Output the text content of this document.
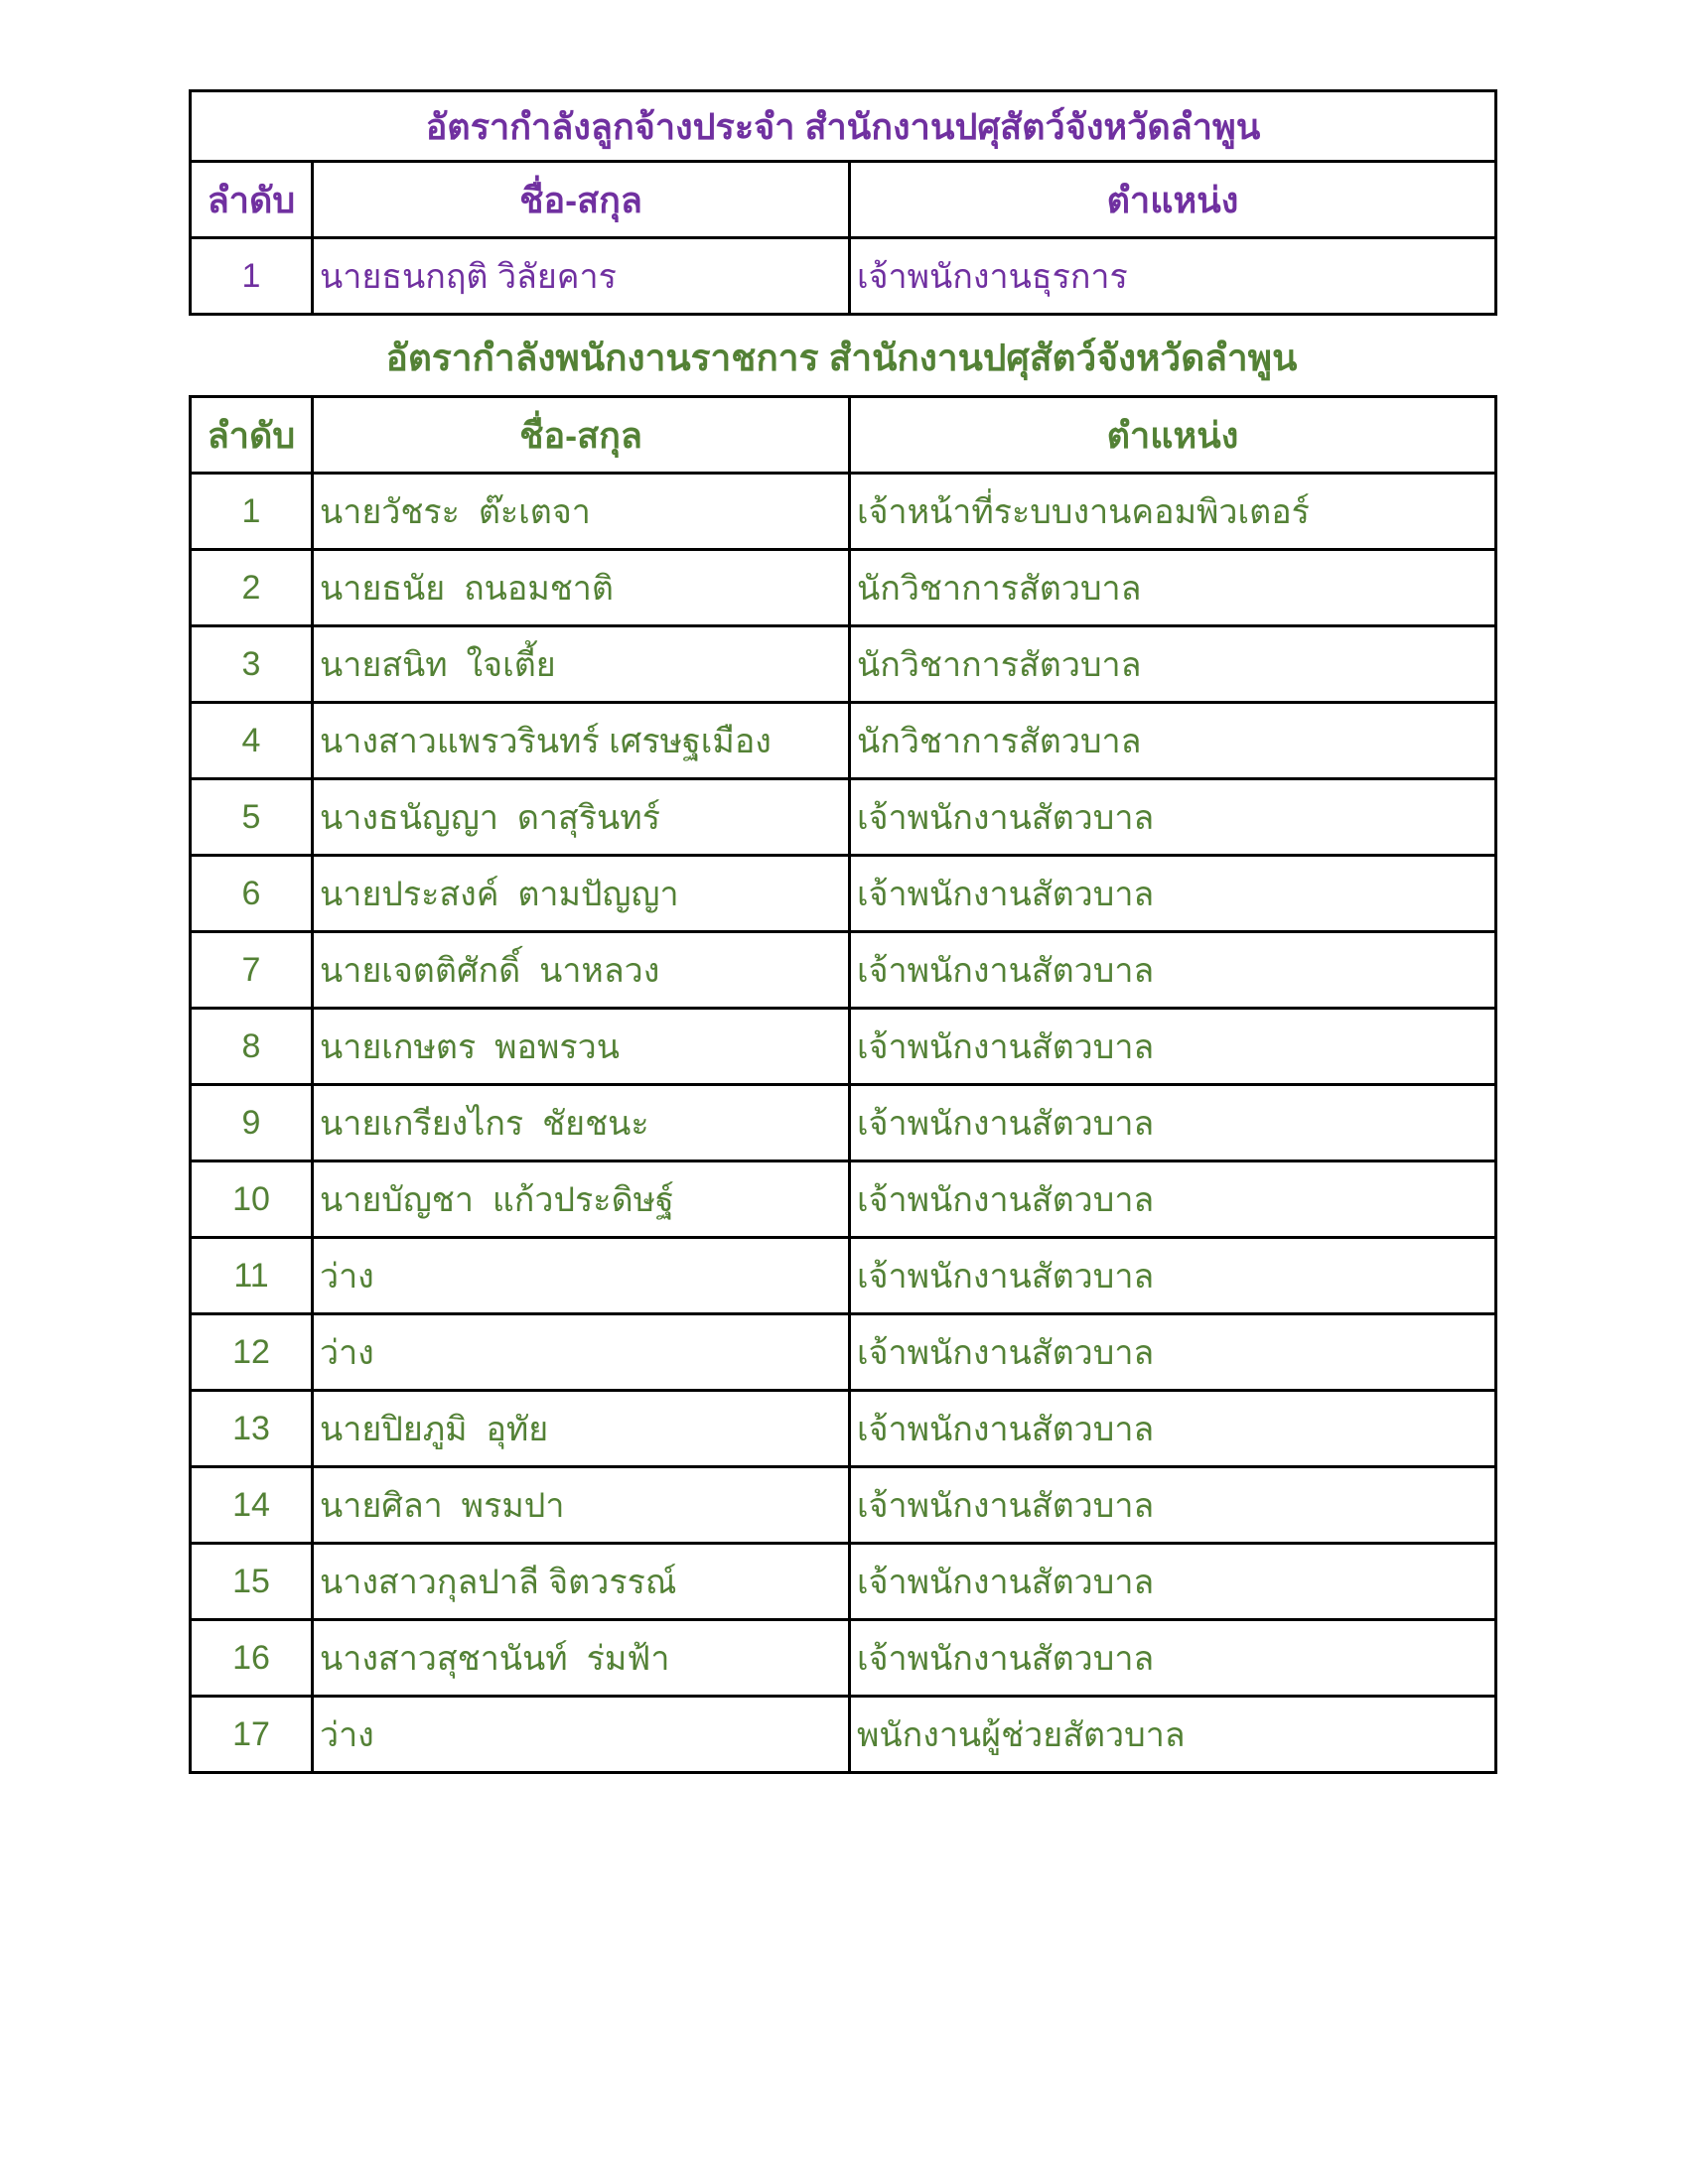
อัตรากำลังลูกจ้างประจำ สำนักงานปศุสัตว์จังหวัดลำพูน		
ลำดับ	ชื่อ-สกุล	ตำแหน่ง
1	นายธนกฤติ วิลัยคาร	เจ้าพนักงานธุรการ
อัตรากำลังพนักงานราชการ สำนักงานปศุสัตว์จังหวัดลำพูน
ลำดับ	ชื่อ-สกุล	ตำแหน่ง
1	นายวัชระ  ต๊ะเตจา	เจ้าหน้าที่ระบบงานคอมพิวเตอร์
2	นายธนัย  ถนอมชาติ	นักวิชาการสัตวบาล
3	นายสนิท  ใจเตี้ย	นักวิชาการสัตวบาล
4	นางสาวแพรวรินทร์ เศรษฐเมือง	นักวิชาการสัตวบาล
5	นางธนัญญา  ดาสุรินทร์	เจ้าพนักงานสัตวบาล
6	นายประสงค์  ตามปัญญา	เจ้าพนักงานสัตวบาล
7	นายเจตติศักดิ์  นาหลวง	เจ้าพนักงานสัตวบาล
8	นายเกษตร  พอพรวน	เจ้าพนักงานสัตวบาล
9	นายเกรียงไกร  ชัยชนะ	เจ้าพนักงานสัตวบาล
10	นายบัญชา  แก้วประดิษฐ์	เจ้าพนักงานสัตวบาล
11	ว่าง	เจ้าพนักงานสัตวบาล
12	ว่าง	เจ้าพนักงานสัตวบาล
13	นายปิยภูมิ  อุทัย	เจ้าพนักงานสัตวบาล
14	นายศิลา  พรมปา	เจ้าพนักงานสัตวบาล
15	นางสาวกุลปาลี จิตวรรณ์	เจ้าพนักงานสัตวบาล
16	นางสาวสุชานันท์  ร่มฟ้า	เจ้าพนักงานสัตวบาล
17	ว่าง	พนักงานผู้ช่วยสัตวบาล
